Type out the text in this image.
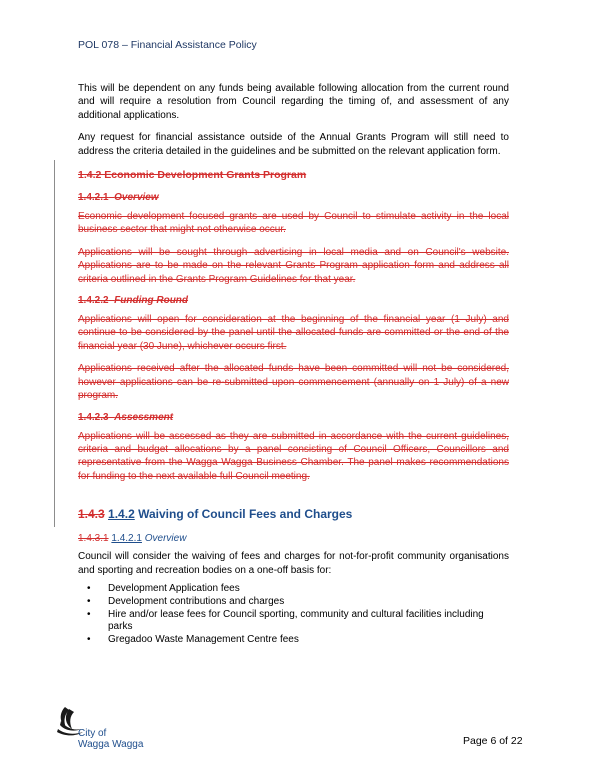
POL 078 – Financial Assistance Policy

This will be dependent on any funds being available following allocation from the current round and will require a resolution from Council regarding the timing of, and assessment of any additional applications.

Any request for financial assistance outside of the Annual Grants Program will still need to address the criteria detailed in the guidelines and be submitted on the relevant application form.

1.4.2 Economic Development Grants Program
1.4.2.1 Overview

Economic development focused grants are used by Council to stimulate activity in the local business sector that might not otherwise occur.

Applications will be sought through advertising in local media and on Council's website. Applications are to be made on the relevant Grants Program application form and address all criteria outlined in the Grants Program Guidelines for that year.

1.4.2.2 Funding Round

Applications will open for consideration at the beginning of the financial year (1 July) and continue to be considered by the panel until the allocated funds are committed or the end of the financial year (30 June), whichever occurs first.

Applications received after the allocated funds have been committed will not be considered, however applications can be re-submitted upon commencement (annually on 1 July) of a new program.

1.4.2.3 Assessment

Applications will be assessed as they are submitted in accordance with the current guidelines, criteria and budget allocations by a panel consisting of Council Officers, Councillors and representative from the Wagga Wagga Business Chamber. The panel makes recommendations for funding to the next available full Council meeting.

1.4.3 1.4.2 Waiving of Council Fees and Charges
1.4.3.1 1.4.2.1 Overview

Council will consider the waiving of fees and charges for not-for-profit community organisations and sporting and recreation bodies on a one-off basis for:

• Development Application fees
• Development contributions and charges
• Hire and/or lease fees for Council sporting, community and cultural facilities including parks
• Gregadoo Waste Management Centre fees
City of
Wagga Wagga	Page 6 of 22
